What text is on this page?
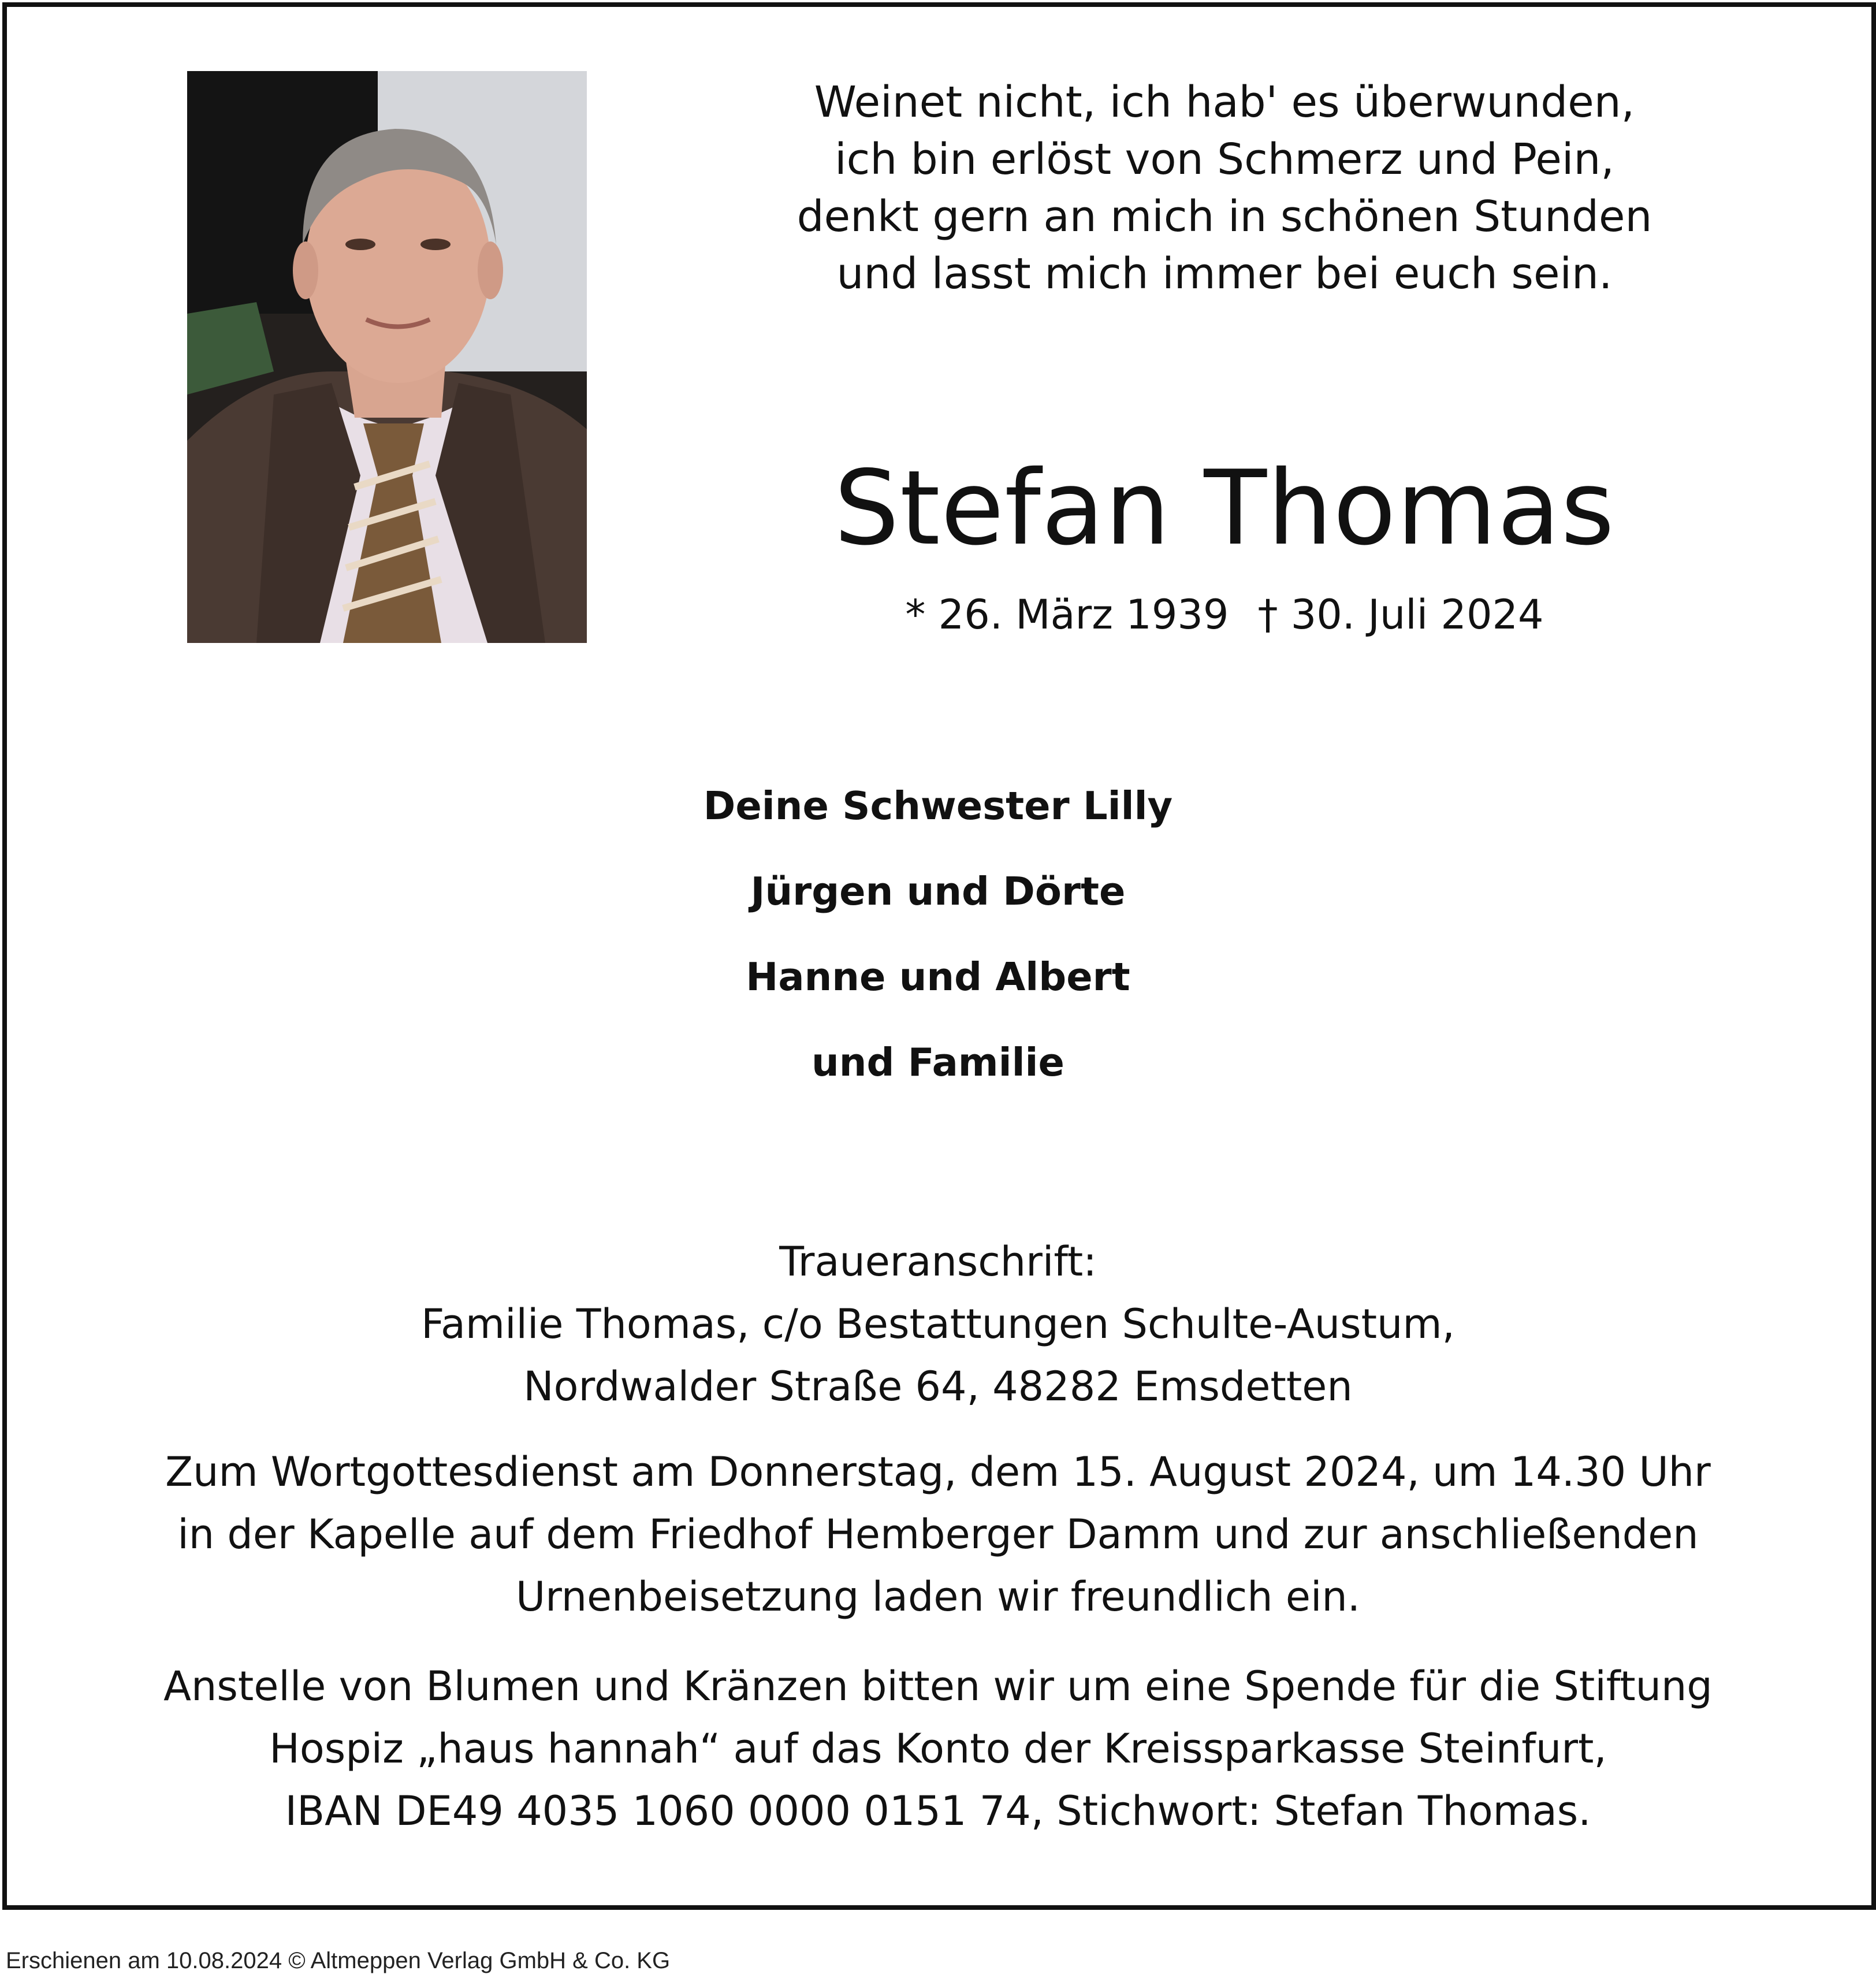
Weinet nicht, ich hab' es überwunden,
ich bin erlöst von Schmerz und Pein,
denkt gern an mich in schönen Stunden
und lasst mich immer bei euch sein.
Stefan Thomas
* 26. März 1939 † 30. Juli 2024
Deine Schwester Lilly
Jürgen und Dörte
Hanne und Albert
und Familie
Traueranschrift:
Familie Thomas, c/o Bestattungen Schulte-Austum,
Nordwalder Straße 64, 48282 Emsdetten
Zum Wortgottesdienst am Donnerstag, dem 15. August 2024, um 14.30 Uhr
in der Kapelle auf dem Friedhof Hemberger Damm und zur anschließenden
Urnenbeisetzung laden wir freundlich ein.
Anstelle von Blumen und Kränzen bitten wir um eine Spende für die Stiftung
Hospiz „haus hannah“ auf das Konto der Kreissparkasse Steinfurt,
IBAN DE49 4035 1060 0000 0151 74, Stichwort: Stefan Thomas.
Erschienen am 10.08.2024 © Altmeppen Verlag GmbH & Co. KG
